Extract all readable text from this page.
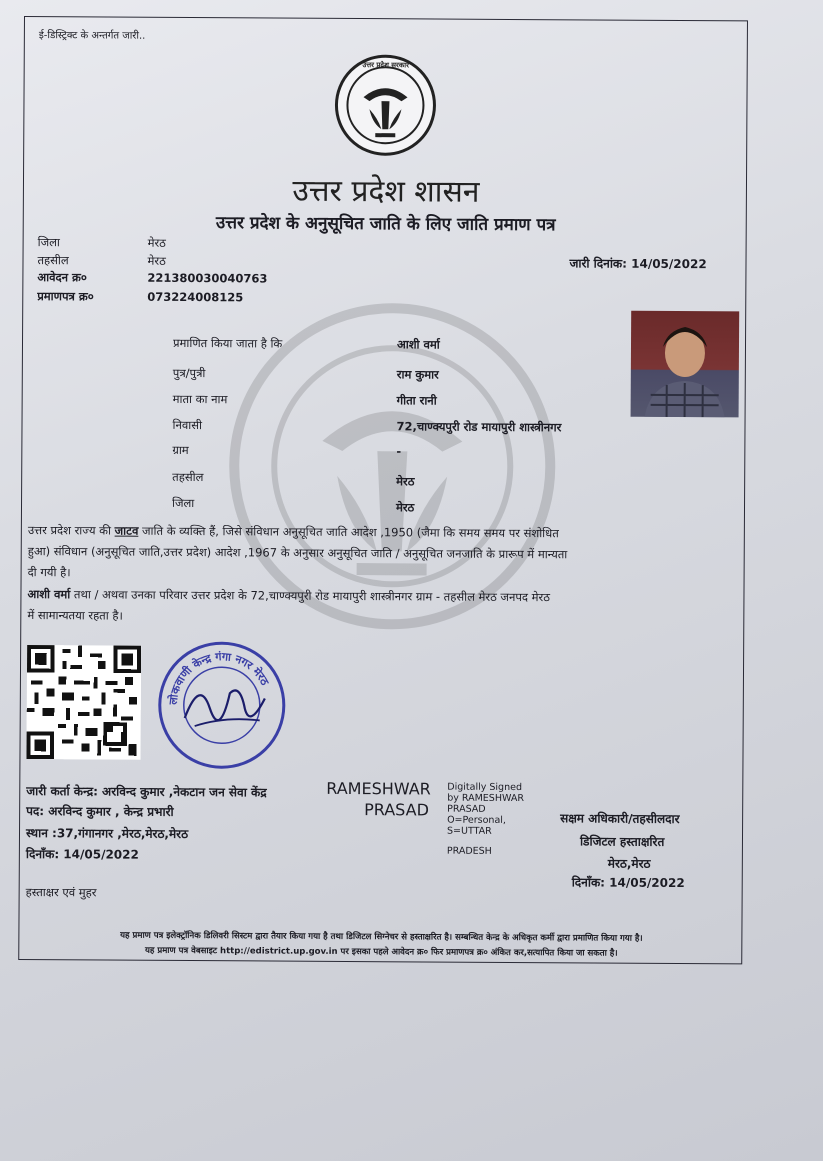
ई-डिस्ट्रिक्ट के अन्तर्गत जारी..
उत्तर प्रदेश सरकार
उत्तर प्रदेश शासन
उत्तर प्रदेश के अनुसूचित जाति के लिए जाति प्रमाण पत्र
जिला	मेरठ
तहसील	मेरठ
आवेदन क्र०	221380030040763
प्रमाणपत्र क्र०	073224008125
जारी दिनांक: 14/05/2022
प्रमाणित किया जाता है कि	आशी वर्मा
पुत्र/पुत्री	राम कुमार
माता का नाम	गीता रानी
निवासी	72,चाण्क्यपुरी रोड मायापुरी शास्त्रीनगर
ग्राम	-
तहसील	मेरठ
जिला	मेरठ
उत्तर प्रदेश राज्य की जाटव जाति के व्यक्ति हैं, जिसे संविधान अनुसूचित जाति आदेश ,1950 (जैमा कि समय समय पर संशोधित
हुआ) संविधान (अनुसूचित जाति,उत्तर प्रदेश) आदेश ,1967 के अनुसार अनुसूचित जाति / अनुसूचित जनजाति के प्रारूप में मान्यता
दी गयी है।
आशी वर्मा तथा / अथवा उनका परिवार उत्तर प्रदेश के 72,चाण्क्यपुरी रोड मायापुरी शास्त्रीनगर ग्राम - तहसील मेरठ जनपद मेरठ
में सामान्यतया रहता है।
लोकवाणी केन्द्र गंगा नगर मेरठ
जारी कर्ता केन्द्र: अरविन्द कुमार ,नेकटान जन सेवा केंद्र
पद: अरविन्द कुमार , केन्द्र प्रभारी
स्थान :37,गंगानगर ,मेरठ,मेरठ,मेरठ
दिनाँक: 14/05/2022
RAMESHWAR
PRASAD
Digitally Signed
by RAMESHWAR
PRASAD
O=Personal,
S=UTTAR
PRADESH
सक्षम अधिकारी/तहसीलदार
डिजिटल हस्ताक्षरित
मेरठ,मेरठ
दिनाँक: 14/05/2022
हस्ताक्षर एवं मुहर
यह प्रमाण पत्र इलेक्ट्रॉनिक डिलिवरी सिस्टम द्वारा तैयार किया गया है तथा डिजिटल सिग्नेचर से हस्ताक्षरित है। सम्बन्धित केन्द्र के अधिकृत कर्मी द्वारा प्रमाणित किया गया है।
यह प्रमाण पत्र वेबसाइट http://edistrict.up.gov.in पर इसका पहले आवेदन क्र० फिर प्रमाणपत्र क्र० अंकित कर,सत्यापित किया जा सकता है।
